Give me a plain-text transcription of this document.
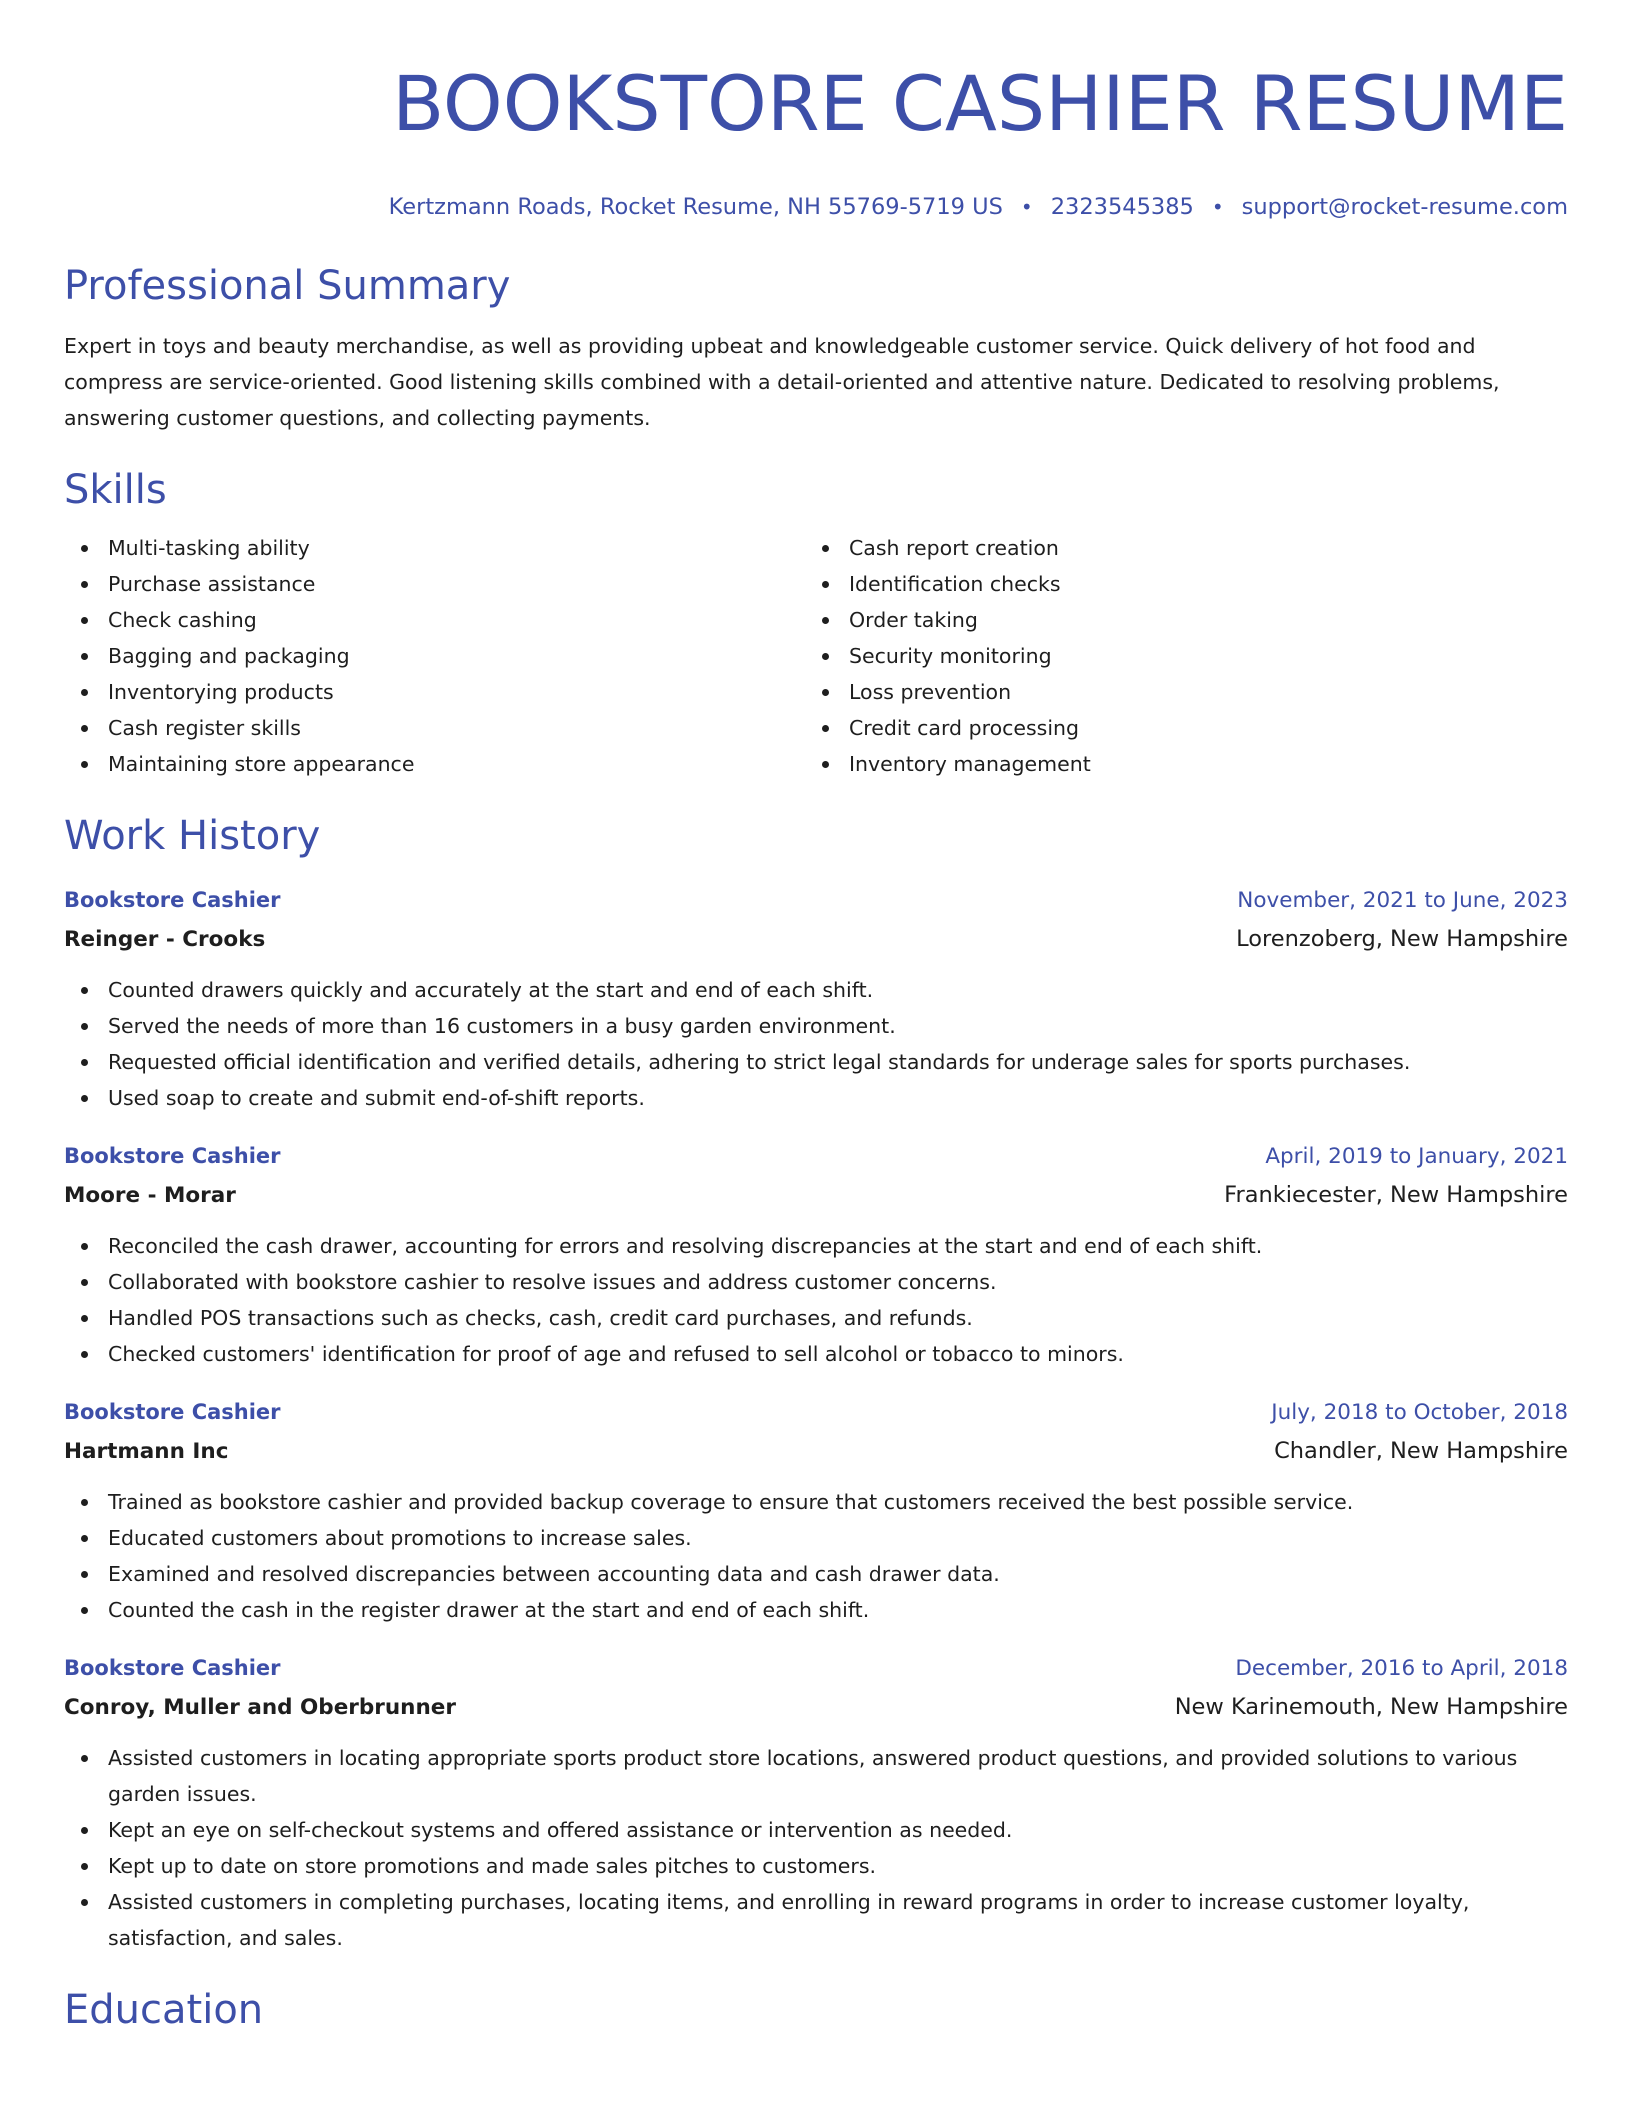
BOOKSTORE CASHIER RESUME
Kertzmann Roads, Rocket Resume, NH 55769-5719 US • 2323545385 • support@rocket-resume.com
Professional Summary
Expert in toys and beauty merchandise, as well as providing upbeat and knowledgeable customer service. Quick delivery of hot food and compress are service-oriented. Good listening skills combined with a detail-oriented and attentive nature. Dedicated to resolving problems, answering customer questions, and collecting payments.
Skills
Multi-tasking ability
Purchase assistance
Check cashing
Bagging and packaging
Inventorying products
Cash register skills
Maintaining store appearance
Cash report creation
Identification checks
Order taking
Security monitoring
Loss prevention
Credit card processing
Inventory management
Work History
Bookstore Cashier	November, 2021 to June, 2023
Reinger - Crooks	Lorenzoberg, New Hampshire
Counted drawers quickly and accurately at the start and end of each shift.
Served the needs of more than 16 customers in a busy garden environment.
Requested official identification and verified details, adhering to strict legal standards for underage sales for sports purchases.
Used soap to create and submit end-of-shift reports.
Bookstore Cashier	April, 2019 to January, 2021
Moore - Morar	Frankiecester, New Hampshire
Reconciled the cash drawer, accounting for errors and resolving discrepancies at the start and end of each shift.
Collaborated with bookstore cashier to resolve issues and address customer concerns.
Handled POS transactions such as checks, cash, credit card purchases, and refunds.
Checked customers' identification for proof of age and refused to sell alcohol or tobacco to minors.
Bookstore Cashier	July, 2018 to October, 2018
Hartmann Inc	Chandler, New Hampshire
Trained as bookstore cashier and provided backup coverage to ensure that customers received the best possible service.
Educated customers about promotions to increase sales.
Examined and resolved discrepancies between accounting data and cash drawer data.
Counted the cash in the register drawer at the start and end of each shift.
Bookstore Cashier	December, 2016 to April, 2018
Conroy, Muller and Oberbrunner	New Karinemouth, New Hampshire
Assisted customers in locating appropriate sports product store locations, answered product questions, and provided solutions to various garden issues.
Kept an eye on self-checkout systems and offered assistance or intervention as needed.
Kept up to date on store promotions and made sales pitches to customers.
Assisted customers in completing purchases, locating items, and enrolling in reward programs in order to increase customer loyalty, satisfaction, and sales.
Education
